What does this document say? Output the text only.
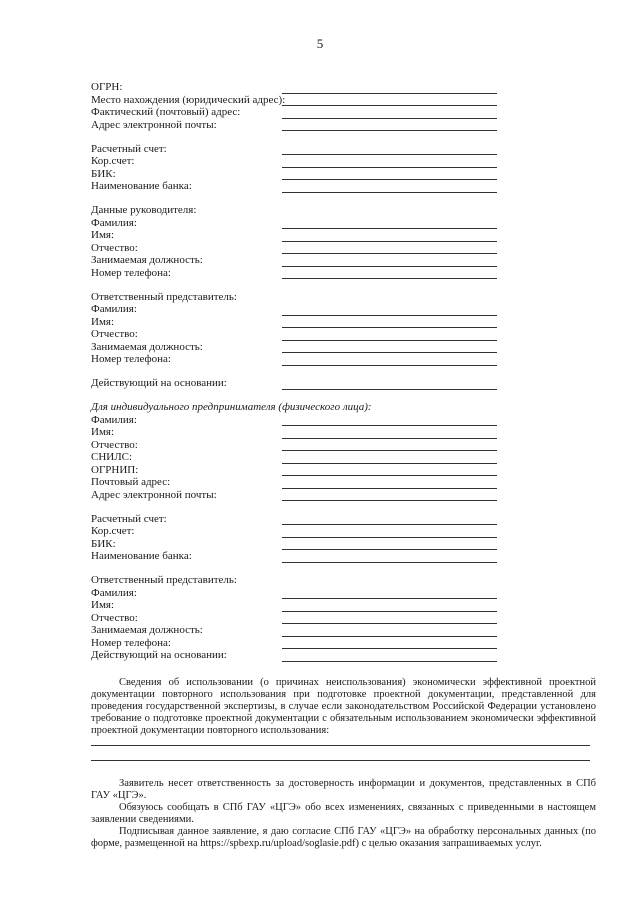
5
ОГРН:
Место нахождения (юридический адрес):
Фактический (почтовый) адрес:
Адрес электронной почты:
Расчетный счет:
Кор.счет:
БИК:
Наименование банка:
Данные руководителя:
Фамилия:
Имя:
Отчество:
Занимаемая должность:
Номер телефона:
Ответственный представитель:
Фамилия:
Имя:
Отчество:
Занимаемая должность:
Номер телефона:
Действующий на основании:
Для индивидуального предпринимателя (физического лица):
Фамилия:
Имя:
Отчество:
СНИЛС:
ОГРНИП:
Почтовый адрес:
Адрес электронной почты:
Расчетный счет:
Кор.счет:
БИК:
Наименование банка:
Ответственный представитель:
Фамилия:
Имя:
Отчество:
Занимаемая должность:
Номер телефона:
Действующий на основании:
Сведения об использовании (о причинах неиспользования) экономически эффективной проектной документации повторного использования при подготовке проектной документации, представленной для проведения государственной экспертизы, в случае если законодательством Российской Федерации установлено требование о подготовке проектной документации с обязательным использованием экономически эффективной проектной документации повторного использования:
Заявитель несет ответственность за достоверность информации и документов, представленных в СПб ГАУ «ЦГЭ».
Обязуюсь сообщать в СПб ГАУ «ЦГЭ» обо всех изменениях, связанных с приведенными в настоящем заявлении сведениями.
Подписывая данное заявление, я даю согласие СПб ГАУ «ЦГЭ» на обработку персональных данных (по форме, размещенной на https://spbexp.ru/upload/soglasie.pdf) с целью оказания запрашиваемых услуг.
